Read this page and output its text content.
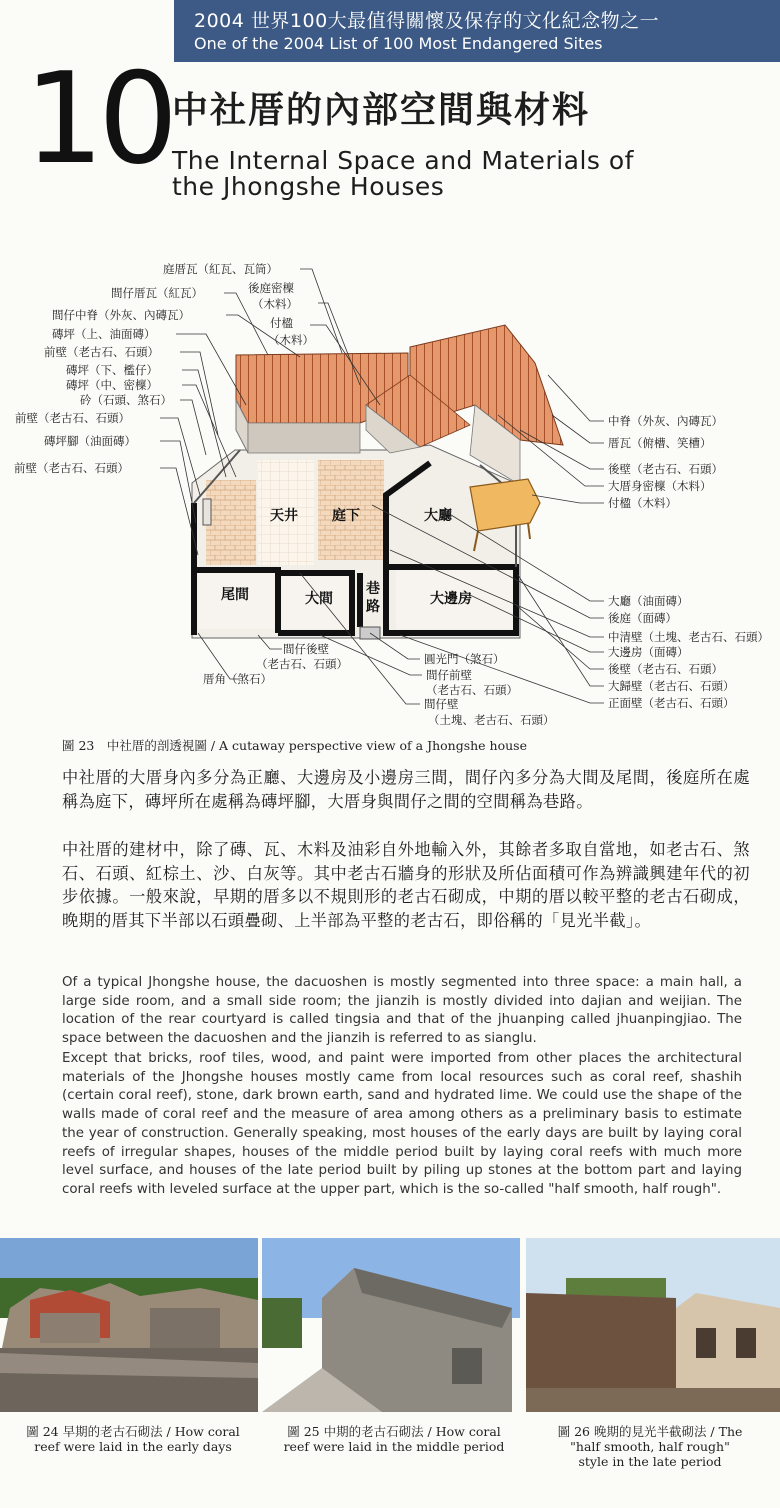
2004 世界100大最值得關懷及保存的文化紀念物之一
One of the 2004 List of 100 Most Endangered Sites
10 中社厝的內部空間與材料
The Internal Space and Materials of
the Jhongshe Houses
天井 庭下	大廳
尾間	大間
巷
路	大邊房
庭厝瓦（紅瓦、瓦筒）
間仔厝瓦（紅瓦）
間仔中脊（外灰、內磚瓦）
磚坪（上、油面磚）
前壁（老古石、石頭）
磚坪（下、檻仔）
磚坪（中、密檁）
砛（石頭、煞石）
前壁（老古石、石頭）
磚坪腳（油面磚）
前壁（老古石、石頭）
後庭密檁
（木料）
付楹
（木料）
中脊（外灰、內磚瓦）
厝瓦（俯槽、笑槽）
後壁（老古石、石頭）
大厝身密檁（木料）
付楹（木料）
大廳（油面磚）
後庭（面磚）
中清壁（土塊、老古石、石頭）
大邊房（面磚）
後壁（老古石、石頭）
大歸壁（老古石、石頭）
正面壁（老古石、石頭）
間仔後壁
（老古石、石頭）
厝角（煞石）
圓光門（煞石）
間仔前壁
（老古石、石頭）
間仔壁
（土塊、老古石、石頭）
圖 23　中社厝的剖透視圖 / A cutaway perspective view of a Jhongshe house

中社厝的大厝身內多分為正廳、大邊房及小邊房三間，間仔內多分為大間及尾間，後庭所在處稱為庭下，磚坪所在處稱為磚坪腳，大厝身與間仔之間的空間稱為巷路。

中社厝的建材中，除了磚、瓦、木料及油彩自外地輸入外，其餘者多取自當地，如老古石、煞石、石頭、紅棕土、沙、白灰等。其中老古石牆身的形狀及所佔面積可作為辨識興建年代的初步依據。一般來說，早期的厝多以不規則形的老古石砌成，中期的厝以較平整的老古石砌成，晚期的厝其下半部以石頭疊砌、上半部為平整的老古石，即俗稱的「見光半截」。

Of a typical Jhongshe house, the dacuoshen is mostly segmented into three space: a main hall, a large side room, and a small side room; the jianzih is mostly divided into dajian and weijian. The location of the rear courtyard is called tingsia and that of the jhuanping called jhuanpingjiao. The space between the dacuoshen and the jianzih is referred to as sianglu.

Except that bricks, roof tiles, wood, and paint were imported from other places the architectural materials of the Jhongshe houses mostly came from local resources such as coral reef, shashih (certain coral reef), stone, dark brown earth, sand and hydrated lime. We could use the shape of the walls made of coral reef and the measure of area among others as a preliminary basis to estimate the year of construction. Generally speaking, most houses of the early days are built by laying coral reefs of irregular shapes, houses of the middle period built by laying coral reefs with much more level surface, and houses of the late period built by piling up stones at the bottom part and laying coral reefs with leveled surface at the upper part, which is the so-called "half smooth, half rough".

圖 24 早期的老古石砌法 / How coral
reef were laid in the early days
圖 25 中期的老古石砌法 / How coral
reef were laid in the middle period
圖 26 晚期的見光半截砌法 / The
"half smooth, half rough"
style in the late period
